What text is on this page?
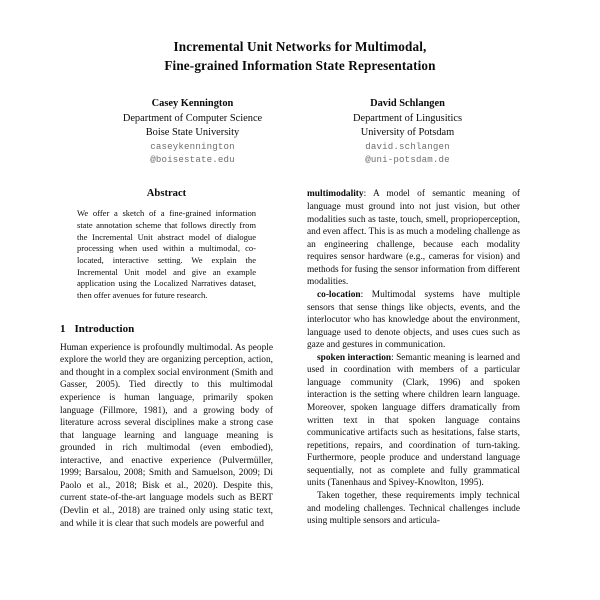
Incremental Unit Networks for Multimodal,
Fine-grained Information State Representation
Casey Kennington
Department of Computer Science
Boise State University
caseykennington
@boisestate.edu
David Schlangen
Department of Lingusitics
University of Potsdam
david.schlangen
@uni-potsdam.de
Abstract

We offer a sketch of a fine-grained information state annotation scheme that follows directly from the Incremental Unit abstract model of dialogue processing when used within a multimodal, co-located, interactive setting. We explain the Incremental Unit model and give an example application using the Localized Narratives dataset, then offer avenues for future research.

1 Introduction

Human experience is profoundly multimodal. As people explore the world they are organizing perception, action, and thought in a complex social environment (Smith and Gasser, 2005). Tied directly to this multimodal experience is human language, primarily spoken language (Fillmore, 1981), and a growing body of literature across several disciplines make a strong case that language learning and language meaning is grounded in rich multimodal (even embodied), interactive, and enactive experience (Pulvermüller, 1999; Barsalou, 2008; Smith and Samuelson, 2009; Di Paolo et al., 2018; Bisk et al., 2020). Despite this, current state-of-the-art language models such as BERT (Devlin et al., 2018) are trained only using static text, and while it is clear that such models are powerful and

multimodality: A model of semantic meaning of language must ground into not just vision, but other modalities such as taste, touch, smell, proprioperception, and even affect. This is as much a modeling challenge as an engineering challenge, because each modality requires sensor hardware (e.g., cameras for vision) and methods for fusing the sensor information from different modalities.

co-location: Multimodal systems have multiple sensors that sense things like objects, events, and the interlocutor who has knowledge about the environment, language used to denote objects, and uses cues such as gaze and gestures in communication.

spoken interaction: Semantic meaning is learned and used in coordination with members of a particular language community (Clark, 1996) and spoken interaction is the setting where children learn language. Moreover, spoken language differs dramatically from written text in that spoken language contains communicative artifacts such as hesitations, false starts, repetitions, repairs, and coordination of turn-taking. Furthermore, people produce and understand language sequentially, not as complete and fully grammatical units (Tanenhaus and Spivey-Knowlton, 1995).

Taken together, these requirements imply technical and modeling challenges. Technical challenges include using multiple sensors and articula-
